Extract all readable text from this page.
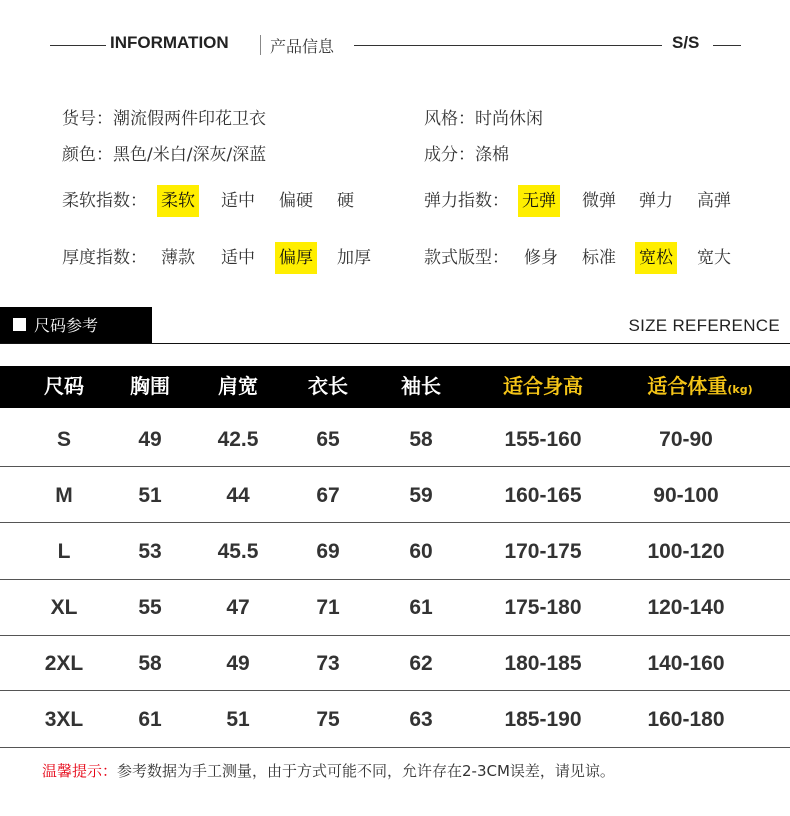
INFORMATION	产品信息	S/S
货号：潮流假两件印花卫衣	风格：时尚休闲
颜色：黑色/米白/深灰/深蓝	成分：涤棉
柔软指数： 柔软 适中 偏硬 硬	弹力指数： 无弹 微弹 弹力 高弹
厚度指数： 薄款 适中 偏厚 加厚	款式版型： 修身 标准 宽松 宽大
尺码参考	SIZE REFERENCE
尺码	胸围	肩宽	衣长	袖长	适合身高	适合体重(kg)
S	49	42.5	65	58	155-160	70-90
M	51	44	67	59	160-165	90-100
L	53	45.5	69	60	170-175	100-120
XL	55	47	71	61	175-180	120-140
2XL	58	49	73	62	180-185	140-160
3XL	61	51	75	63	185-190	160-180
温馨提示：参考数据为手工测量，由于方式可能不同，允许存在2-3CM误差，请见谅。
